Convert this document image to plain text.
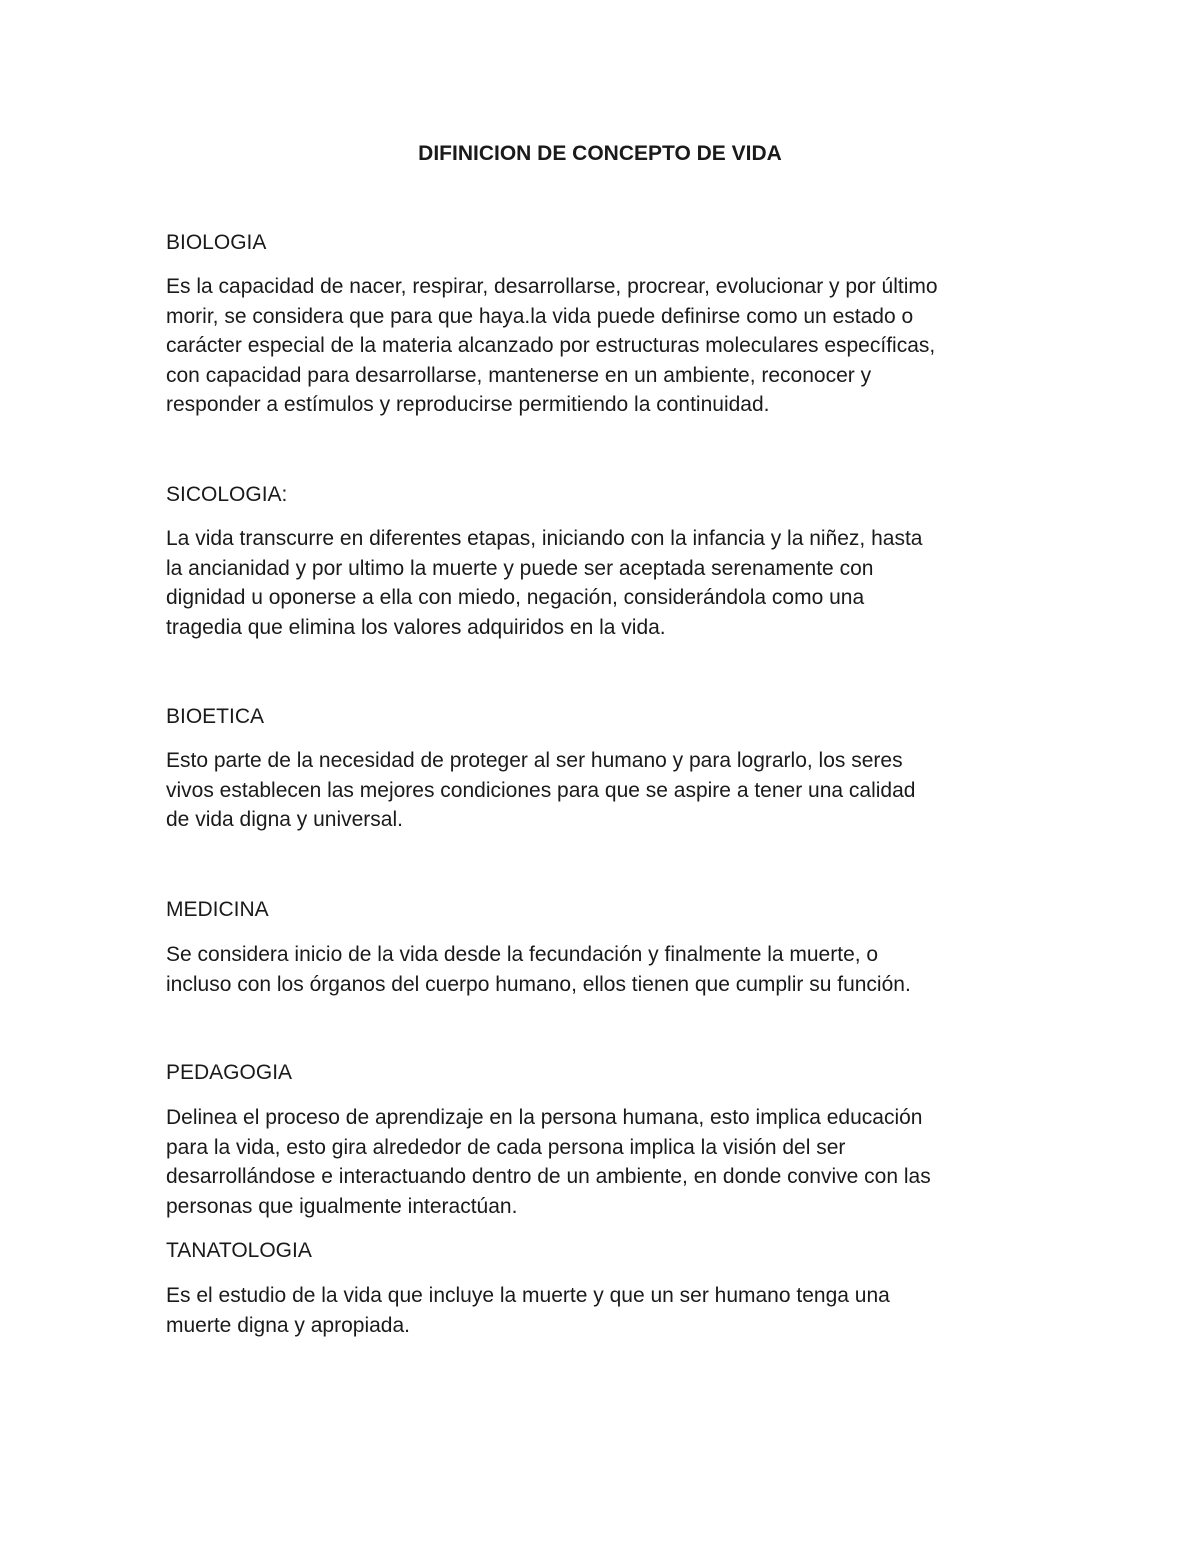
DIFINICION DE CONCEPTO DE VIDA
BIOLOGIA
Es la capacidad de nacer, respirar, desarrollarse, procrear, evolucionar y por último
morir, se considera que para que haya.la vida puede definirse como un estado o
carácter especial de la materia alcanzado por estructuras moleculares específicas,
con capacidad para desarrollarse, mantenerse en un ambiente, reconocer y
responder a estímulos y reproducirse permitiendo la continuidad.
SICOLOGIA:
La vida transcurre en diferentes etapas, iniciando con la infancia y la niñez, hasta
la ancianidad y por ultimo la muerte y puede ser aceptada serenamente con
dignidad u oponerse a ella con miedo, negación, considerándola como una
tragedia que elimina los valores adquiridos en la vida.
BIOETICA
Esto parte de la necesidad de proteger al ser humano y para lograrlo, los seres
vivos establecen las mejores condiciones para que se aspire a tener una calidad
de vida digna y universal.
MEDICINA
Se considera inicio de la vida desde la fecundación y finalmente la muerte, o
incluso con los órganos del cuerpo humano, ellos tienen que cumplir su función.
PEDAGOGIA
Delinea el proceso de aprendizaje en la persona humana, esto implica educación
para la vida, esto gira alrededor de cada persona implica la visión del ser
desarrollándose e interactuando dentro de un ambiente, en donde convive con las
personas que igualmente interactúan.
TANATOLOGIA
Es el estudio de la vida que incluye la muerte y que un ser humano tenga una
muerte digna y apropiada.
